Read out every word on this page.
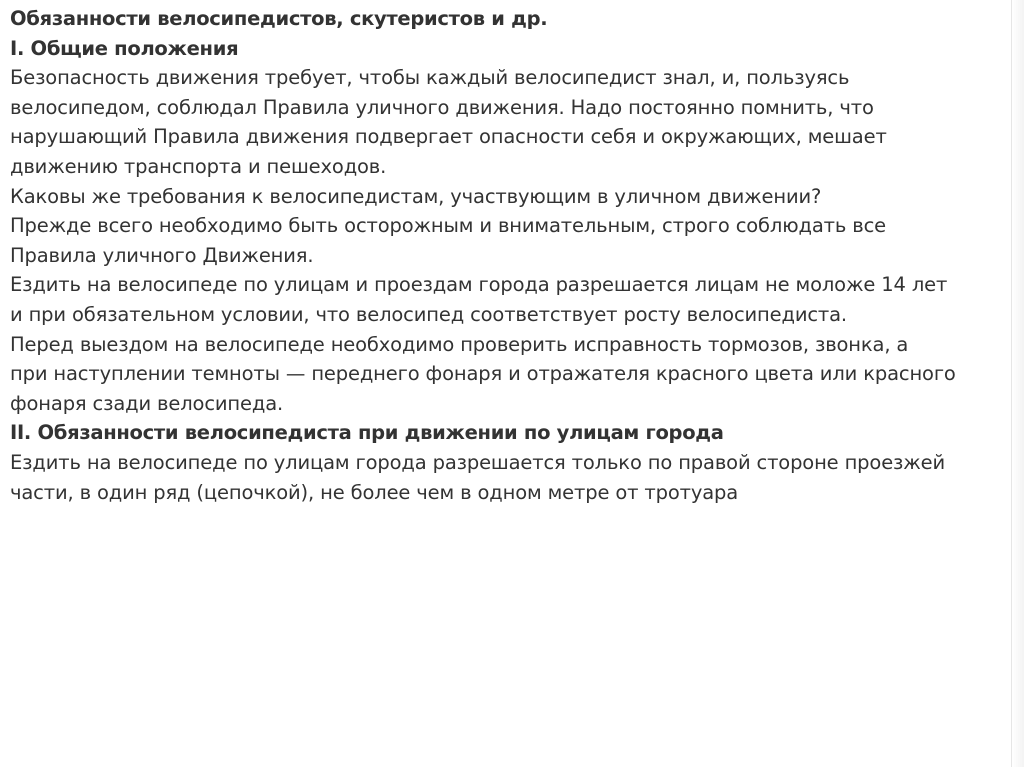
Обязанности велосипедистов, скутеристов и др.
I. Общие положения
Безопасность движения требует, чтобы каждый велосипедист знал, и, пользуясь
велосипедом, соблюдал Правила уличного движения. Надо постоянно помнить, что
нарушающий Правила движения подвергает опасности себя и окружающих, мешает
движению транспорта и пешеходов.
Каковы же требования к велосипедистам, участвующим в уличном движении?
Прежде всего необходимо быть осторожным и внимательным, строго соблюдать все
Правила уличного Движения.
Ездить на велосипеде по улицам и проездам города разрешается лицам не моложе 14 лет
и при обязательном условии, что велосипед соответствует росту велосипедиста.
Перед выездом на велосипеде необходимо проверить исправность тормозов, звонка, а
при наступлении темноты — переднего фонаря и отражателя красного цвета или красного
фонаря сзади велосипеда.
II. Обязанности велосипедиста при движении по улицам города
Ездить на велосипеде по улицам города разрешается только по правой стороне проезжей
части, в один ряд (цепочкой), не более чем в одном метре от тротуара
